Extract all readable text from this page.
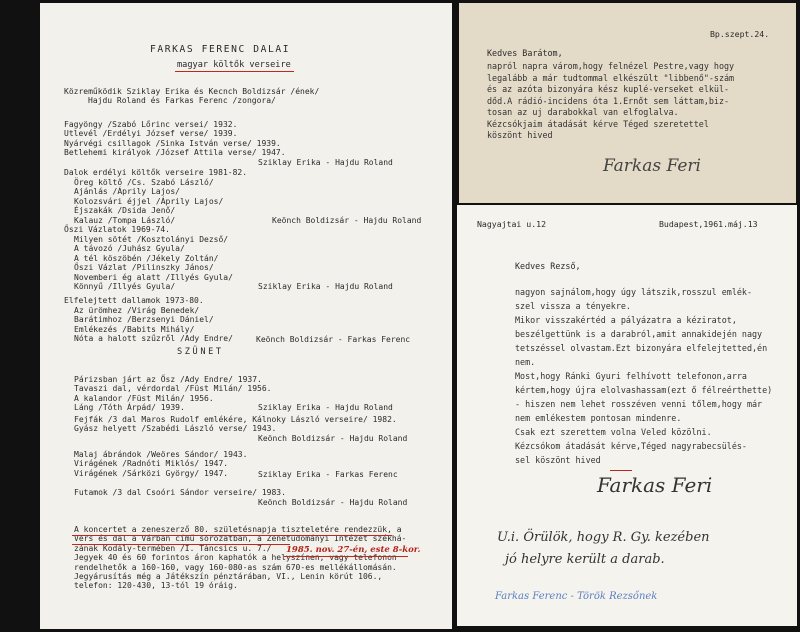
FARKAS FERENC DALAI
magyar költők verseire
Közreműködik Sziklay Erika és Kecnch Boldizsár /ének/
Hajdu Roland és Farkas Ferenc /zongora/
Fagyöngy /Szabó Lőrinc versei/ 1932.
Utlevél /Erdélyi József verse/ 1939.
Nyárvégi csillagok /Sinka István verse/ 1939.
Betlehemi királyok /József Attila verse/ 1947.
Sziklay Erika - Hajdu Roland
Dalok erdélyi költők verseire 1981-82.
Öreg költő /Cs. Szabó László/
Ajánlás /Áprily Lajos/
Kolozsvári éjjel /Áprily Lajos/
Éjszakák /Dsida Jenő/
Kalauz /Tompa László/	Keönch Boldizsár - Hajdu Roland
Őszi Vázlatok 1969-74.
Milyen sötét /Kosztolányi Dezső/
A távozó /Juhász Gyula/
A tél köszöbén /Jékely Zoltán/
Őszi Vázlat /Pilinszky János/
Novemberi ég alatt /Illyés Gyula/
Könnyű /Illyés Gyula/	Sziklay Erika - Hajdu Roland
Elfelejtett dallamok 1973-80.
Az ürömhez /Virág Benedek/
Barátimhoz /Berzsenyi Dániel/
Emlékezés /Babits Mihály/
Nóta a halott szűzről /Ady Endre/	Keönch Boldizsár - Farkas Ferenc
SZÜNET
Párizsban járt az Ősz /Ady Endre/ 1937.
Tavaszi dal, vérdordal /Füst Milán/ 1956.
A kalandor /Füst Milán/ 1956.
Láng /Tóth Árpád/ 1939.	Sziklay Erika - Hajdu Roland
Fejfák /3 dal Maros Rudolf emlékére, Kálnoky László verseire/ 1982.
Gyász helyett /Szabédi László verse/ 1943.
Keönch Boldizsár - Hajdu Roland
Malaj ábrándok /Weöres Sándor/ 1943.
Virágének /Radnóti Miklós/ 1947.
Virágének /Sárközi György/ 1947.	Sziklay Erika - Farkas Ferenc
Futamok /3 dal Csoóri Sándor verseire/ 1983.
Keönch Boldizsár - Hajdu Roland
A koncertet a zeneszerző 80. születésnapja tiszteletére rendezzük, a
Vers és dal a Várban című sorozatban, a Zenetudományi Intézet székhá-
zának Kodály-termében /I. Táncsics u. 7./
Jegyek 40 és 60 forintos áron kaphatók a helyszínen, vagy telefonon
rendelhetők a 160-160, vagy 160-080-as szám 670-es mellékállomásán.
Jegyárusítás még a Játékszín pénztárában, VI., Lenin körút 106.,
telefon: 120-430, 13-tól 19 óráig.
1985. nov. 27-én, este 8-kor.
Bp.szept.24.
Kedves Barátom,
napról napra várom,hogy felnézel Pestre,vagy hogy
legalább a már tudtommal elkészült "libbenő"-szám
és az azóta bizonyára kész kuplé-verseket elkül-
dőd.A rádió-incidens óta 1.Ernőt sem láttam,biz-
tosan az uj darabokkal van elfoglalva.
Kézcsókjaim átadását kérve Téged szeretettel
köszönt hived
Farkas Feri
Nagyajtai u.12	Budapest,1961.máj.13
Kedves Rezső,
nagyon sajnálom,hogy úgy látszik,rosszul emlék-
szel vissza a tényekre.
Mikor visszakértéd a pályázatra a kéziratot,
beszélgettünk is a darabról,amit annakidején nagy
tetszéssel olvastam.Ezt bizonyára elfelejtetted,én
nem.
Most,hogy Ránki Gyuri felhívott telefonon,arra
kértem,hogy újra elolvashassam(ezt ő félreérthette)
- hiszen nem lehet rosszéven venni tőlem,hogy már
nem emlékestem pontosan mindenre.
Csak ezt szerettem volna Veled közölni.
Kézcsókom átadását kérve,Téged nagyrabecsülés-
sel köszönt hived
Farkas Feri
U.i. Örülök, hogy R. Gy. kezében
jó helyre került a darab.
Farkas Ferenc - Török Rezsőnek
